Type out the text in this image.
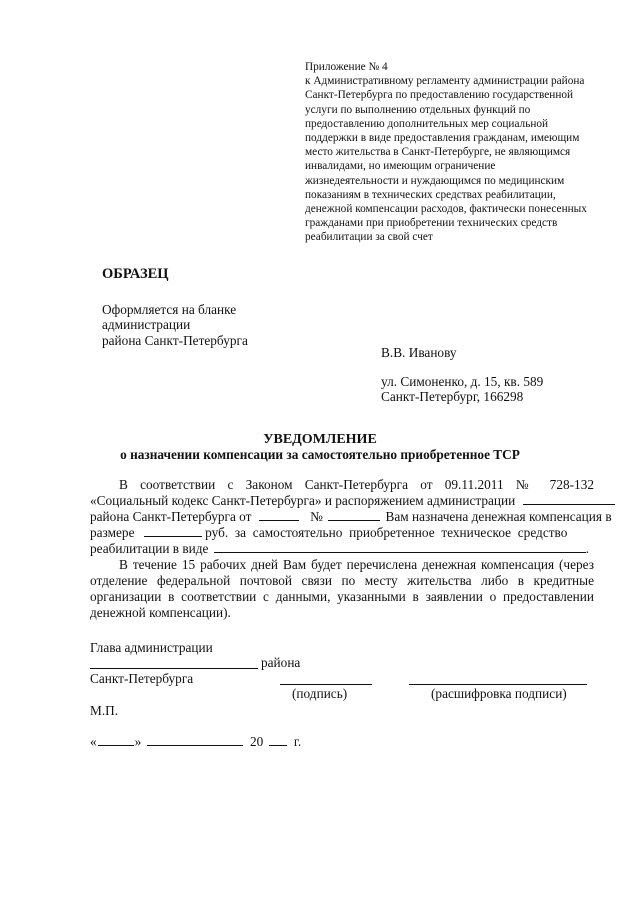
Приложение № 4
к Административному регламенту администрации района
Санкт-Петербурга по предоставлению государственной
услуги по выполнению отдельных функций по
предоставлению дополнительных мер социальной
поддержки в виде предоставления гражданам, имеющим
место жительства в Санкт-Петербурге, не являющимся
инвалидами, но имеющим ограничение
жизнедеятельности и нуждающимся по медицинским
показаниям в технических средствах реабилитации,
денежной компенсации расходов, фактически понесенных
гражданами при приобретении технических средств
реабилитации за свой счет
ОБРАЗЕЦ
Оформляется на бланке
администрации
района Санкт-Петербурга
В.В. Иванову
ул. Симоненко, д. 15, кв. 589
Санкт-Петербург, 166298
УВЕДОМЛЕНИЕ
о назначении компенсации за самостоятельно приобретенное ТСР
В соответствии с Законом Санкт-Петербурга от 09.11.2011 № 728-132
«Социальный кодекс Санкт-Петербурга» и распоряжением администрации
района Санкт-Петербурга от	№	Вам назначена денежная компенсация в
размере	руб. за самостоятельно приобретенное техническое средство
реабилитации в виде	.
В течение 15 рабочих дней Вам будет перечислена денежная компенсация (через
отделение федеральной почтовой связи по месту жительства либо в кредитные
организации в соответствии с данными, указанными в заявлении о предоставлении
денежной компенсации).
Глава администрации
района
Санкт-Петербурга
(подпись)	(расшифровка подписи)
М.П.
«	»	20 г.
